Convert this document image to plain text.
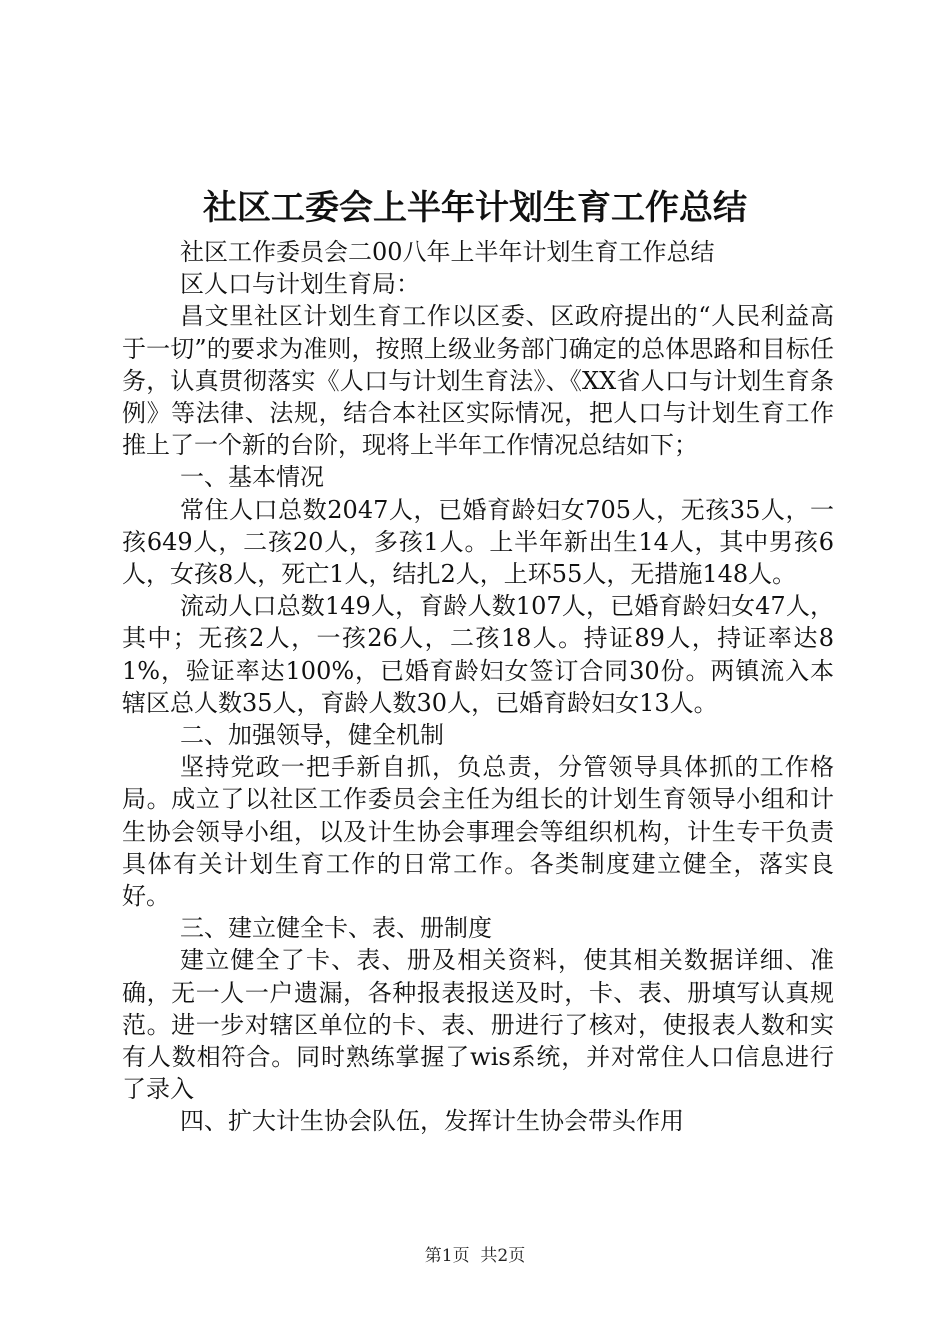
社区工委会上半年计划生育工作总结

社区工作委员会二00八年上半年计划生育工作总结

区人口与计划生育局：

昌文里社区计划生育工作以区委、区政府提出的“人民利益高于一切”的要求为准则，按照上级业务部门确定的总体思路和目标任务，认真贯彻落实《人口与计划生育法》、《XX省人口与计划生育条例》等法律、法规，结合本社区实际情况，把人口与计划生育工作推上了一个新的台阶，现将上半年工作情况总结如下；

一、基本情况

常住人口总数2047人，已婚育龄妇女705人，无孩35人，一孩649人，二孩20人，多孩1人。上半年新出生14人，其中男孩6人，女孩8人，死亡1人，结扎2人，上环55人，无措施148人。

流动人口总数149人，育龄人数107人，已婚育龄妇女47人，其中；无孩2人，一孩26人，二孩18人。持证89人，持证率达81%，验证率达100%，已婚育龄妇女签订合同30份。两镇流入本辖区总人数35人，育龄人数30人，已婚育龄妇女13人。

二、加强领导，健全机制

坚持党政一把手新自抓，负总责，分管领导具体抓的工作格局。成立了以社区工作委员会主任为组长的计划生育领导小组和计生协会领导小组，以及计生协会事理会等组织机构，计生专干负责具体有关计划生育工作的日常工作。各类制度建立健全，落实良好。

三、建立健全卡、表、册制度

建立健全了卡、表、册及相关资料，使其相关数据详细、准确，无一人一户遗漏，各种报表报送及时，卡、表、册填写认真规范。进一步对辖区单位的卡、表、册进行了核对，使报表人数和实有人数相符合。同时熟练掌握了wis系统，并对常住人口信息进行了录入

四、扩大计生协会队伍，发挥计生协会带头作用

第1页 共2页
